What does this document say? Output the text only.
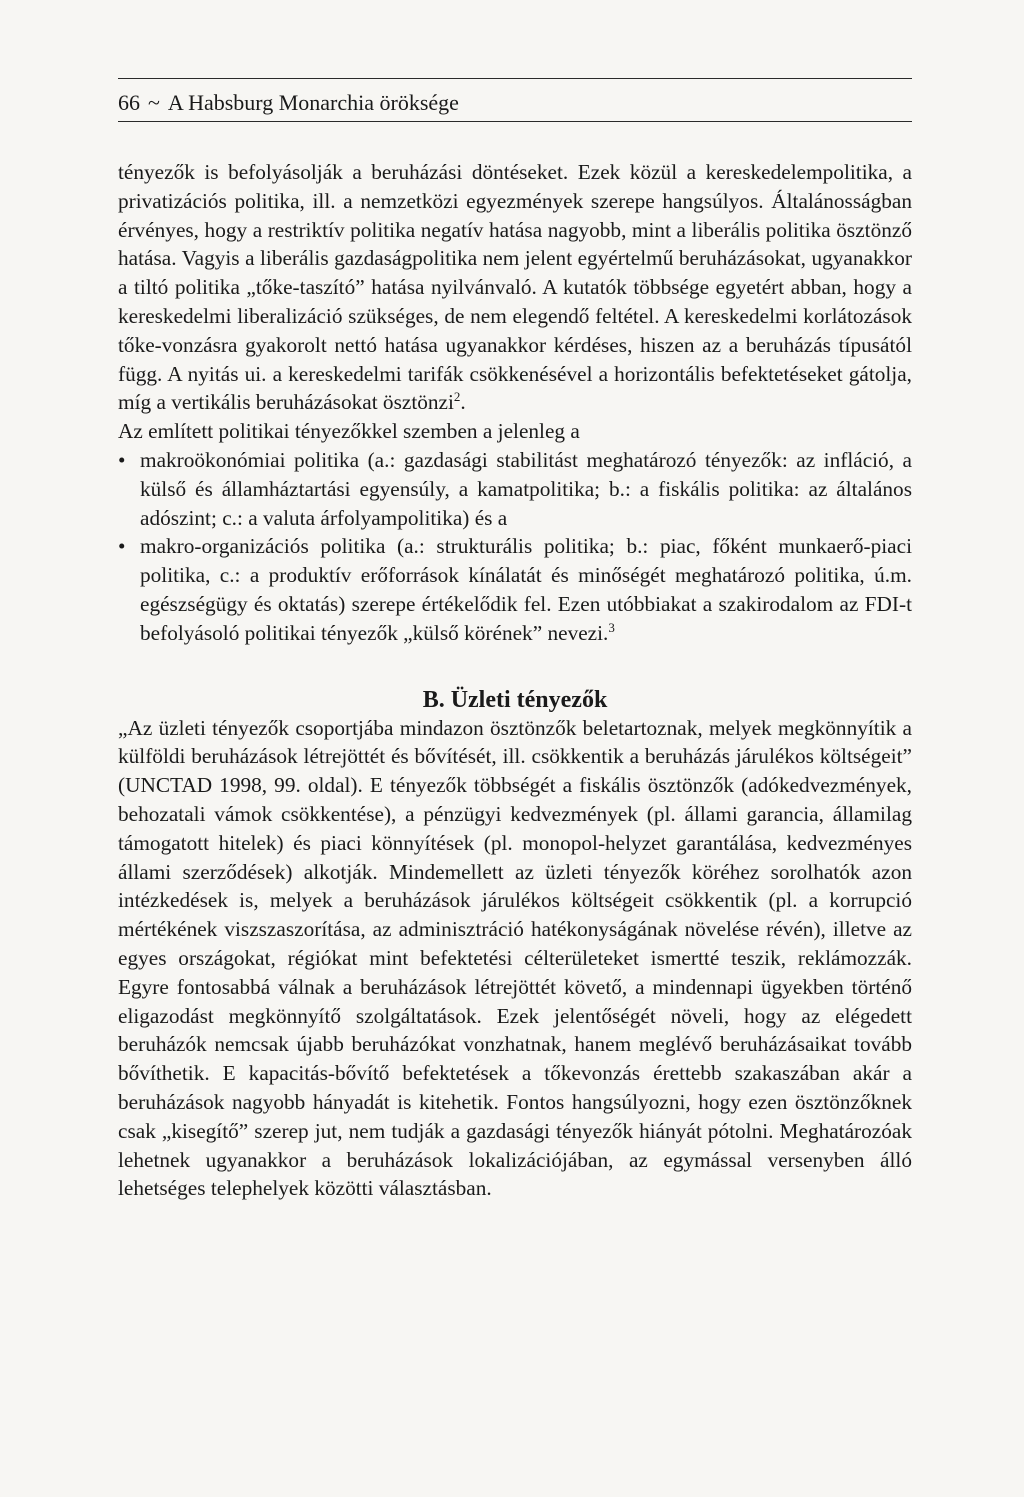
66 ~ A Habsburg Monarchia öröksége

tényezők is befolyásolják a beruházási döntéseket. Ezek közül a kereskedelempolitika, a privatizációs politika, ill. a nemzetközi egyezmények szerepe hangsúlyos. Általánosságban érvényes, hogy a restriktív politika negatív hatása nagyobb, mint a liberális politika ösztönző hatása. Vagyis a liberális gazdaságpolitika nem jelent egyértelmű beruházásokat, ugyanakkor a tiltó politika „tőke-taszító” hatása nyilvánvaló. A kutatók többsége egyetért abban, hogy a kereskedelmi liberalizáció szükséges, de nem elegendő feltétel. A kereskedelmi korlátozások tőke-vonzásra gyakorolt nettó hatása ugyanakkor kérdéses, hiszen az a beruházás típusától függ. A nyitás ui. a kereskedelmi tarifák csökkenésével a horizontális befektetéseket gátolja, míg a vertikális beruházásokat ösztönzi$^2$.

Az említett politikai tényezőkkel szemben a jelenleg a

• makroökonómiai politika (a.: gazdasági stabilitást meghatározó tényezők: az infláció, a külső és államháztartási egyensúly, a kamatpolitika; b.: a fiskális politika: az általános adószint; c.: a valuta árfolyampolitika) és a
• makro-organizációs politika (a.: strukturális politika; b.: piac, főként munkaerő-piaci politika, c.: a produktív erőforrások kínálatát és minőségét meghatározó politika, ú.m. egészségügy és oktatás) szerepe értékelődik fel. Ezen utóbbiakat a szakirodalom az FDI-t befolyásoló politikai tényezők „külső körének” nevezi.$^3$
B. Üzleti tényezők

„Az üzleti tényezők csoportjába mindazon ösztönzők beletartoznak, melyek megkönnyítik a külföldi beruházások létrejöttét és bővítését, ill. csökkentik a beruházás járulékos költségeit” (UNCTAD 1998, 99. oldal). E tényezők többségét a fiskális ösztönzők (adókedvezmények, behozatali vámok csökkentése), a pénzügyi kedvezmények (pl. állami garancia, államilag támogatott hitelek) és piaci könnyítések (pl. monopol-helyzet garantálása, kedvezményes állami szerződések) alkotják. Mindemellett az üzleti tényezők köréhez sorolhatók azon intézkedések is, melyek a beruházások járulékos költségeit csökkentik (pl. a korrupció mértékének viszszaszorítása, az adminisztráció hatékonyságának növelése révén), illetve az egyes országokat, régiókat mint befektetési célterületeket ismertté teszik, reklámozzák. Egyre fontosabbá válnak a beruházások létrejöttét követő, a mindennapi ügyekben történő eligazodást megkönnyítő szolgáltatások. Ezek jelentőségét növeli, hogy az elégedett beruházók nemcsak újabb beruházókat vonzhatnak, hanem meglévő beruházásaikat tovább bővíthetik. E kapacitás-bővítő befektetések a tőkevonzás érettebb szakaszában akár a beruházások nagyobb hányadát is kitehetik. Fontos hangsúlyozni, hogy ezen ösztönzőknek csak „kisegítő” szerep jut, nem tudják a gazdasági tényezők hiányát pótolni. Meghatározóak lehetnek ugyanakkor a beruházások lokalizációjában, az egymással versenyben álló lehetséges telephelyek közötti választásban.
